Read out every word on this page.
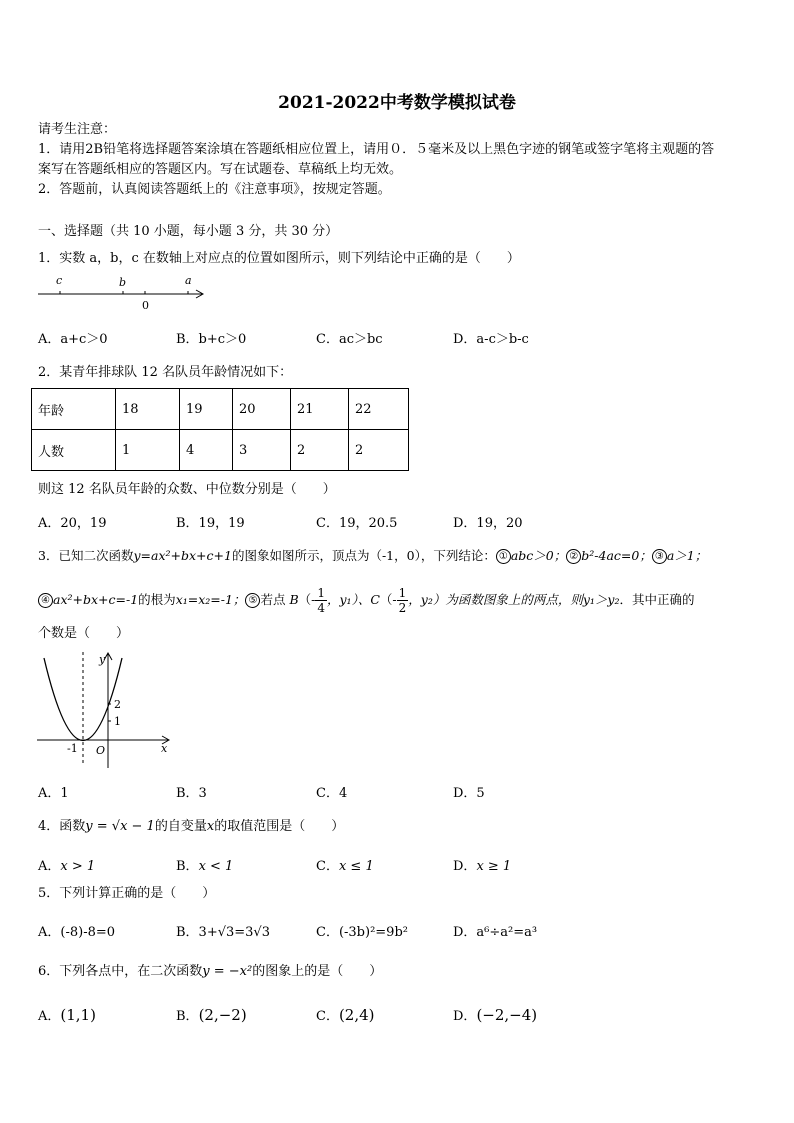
2021-2022中考数学模拟试卷
请考生注意：
1．请用2B铅笔将选择题答案涂填在答题纸相应位置上，请用０．５毫米及以上黑色字迹的钢笔或签字笔将主观题的答
案写在答题纸相应的答题区内。写在试题卷、草稿纸上均无效。
2．答题前，认真阅读答题纸上的《注意事项》，按规定答题。
一、选择题（共 10 小题，每小题 3 分，共 30 分）
1．实数 a，b，c 在数轴上对应点的位置如图所示，则下列结论中正确的是（　　）
c	b
0
a
A．a+c＞0	B．b+c＞0	C．ac＞bc	D．a-c＞b-c
2．某青年排球队 12 名队员年龄情况如下：
年龄	18	19	20	21	22
人数	1	4	3	2	2
则这 12 名队员年龄的众数、中位数分别是（　　）
A．20，19	B．19，19	C．19，20.5	D．19，20
3．已知二次函数y=ax²+bx+c+1的图象如图所示，顶点为（-1，0），下列结论： ① abc＞0； ② b²-4ac=0； ③ a＞1；
④ ax²+bx+c=-1的根为x₁=x₂=-1； ⑤ 若点 $B(- \frac{1}{4}$ ，y₁）、$C(- \frac{1}{2}$ ，y₂）为函数图象上的两点，则y₁＞y₂．其中正确的
个数是（　　）
y
x
2
1
-1 O
A．1	B．3	C．4	D．5
4．函数y = √x − 1的自变量x的取值范围是（　　）
A．x > 1	B．x < 1	C．x ≤ 1	D．x ≥ 1
5．下列计算正确的是（　　）
A．(-8)-8=0	B．3+√3=3√3	C．(-3b)²=9b²	D．a⁶÷a²=a³
6．下列各点中，在二次函数y = −x²的图象上的是（　　）
A．(1,1)	B．(2,−2)	C．(2,4)	D．(−2,−4)
